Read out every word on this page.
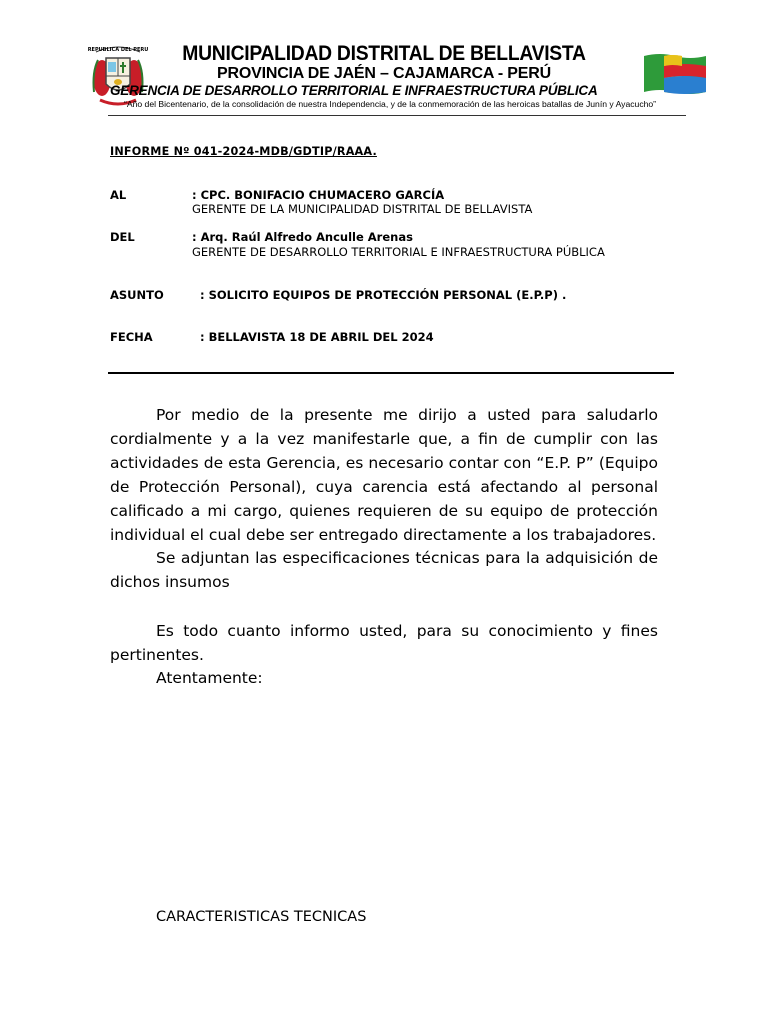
REPUBLICA DEL PERU	MUNICIPALIDAD DISTRITAL DE BELLAVISTA
PROVINCIA DE JAÉN – CAJAMARCA - PERÚ
GERENCIA DE DESARROLLO TERRITORIAL E INFRAESTRUCTURA PÚBLICA
“Año del Bicentenario, de la consolidación de nuestra Independencia, y de la conmemoración de las heroicas batallas de Junín y Ayacucho”
INFORME Nº 041-2024-MDB/GDTIP/RAAA.
AL	: CPC. BONIFACIO CHUMACERO GARCÍA
GERENTE DE LA MUNICIPALIDAD DISTRITAL DE BELLAVISTA
DEL	: Arq. Raúl Alfredo Anculle Arenas
GERENTE DE DESARROLLO TERRITORIAL E INFRAESTRUCTURA PÚBLICA
ASUNTO	: SOLICITO EQUIPOS DE PROTECCIÓN PERSONAL (E.P.P) .
FECHA	: BELLAVISTA 18 DE ABRIL DEL 2024
Por medio de la presente me dirijo a usted para saludarlo cordialmente y a la vez manifestarle que, a fin de cumplir con las actividades de esta Gerencia, es necesario contar con “E.P. P” (Equipo de Protección Personal), cuya carencia está afectando al personal calificado a mi cargo, quienes requieren de su equipo de protección individual el cual debe ser entregado directamente a los trabajadores.
Se adjuntan las especificaciones técnicas para la adquisición de dichos insumos
Es todo cuanto informo usted, para su conocimiento y fines pertinentes.
Atentamente:
CARACTERISTICAS TECNICAS
